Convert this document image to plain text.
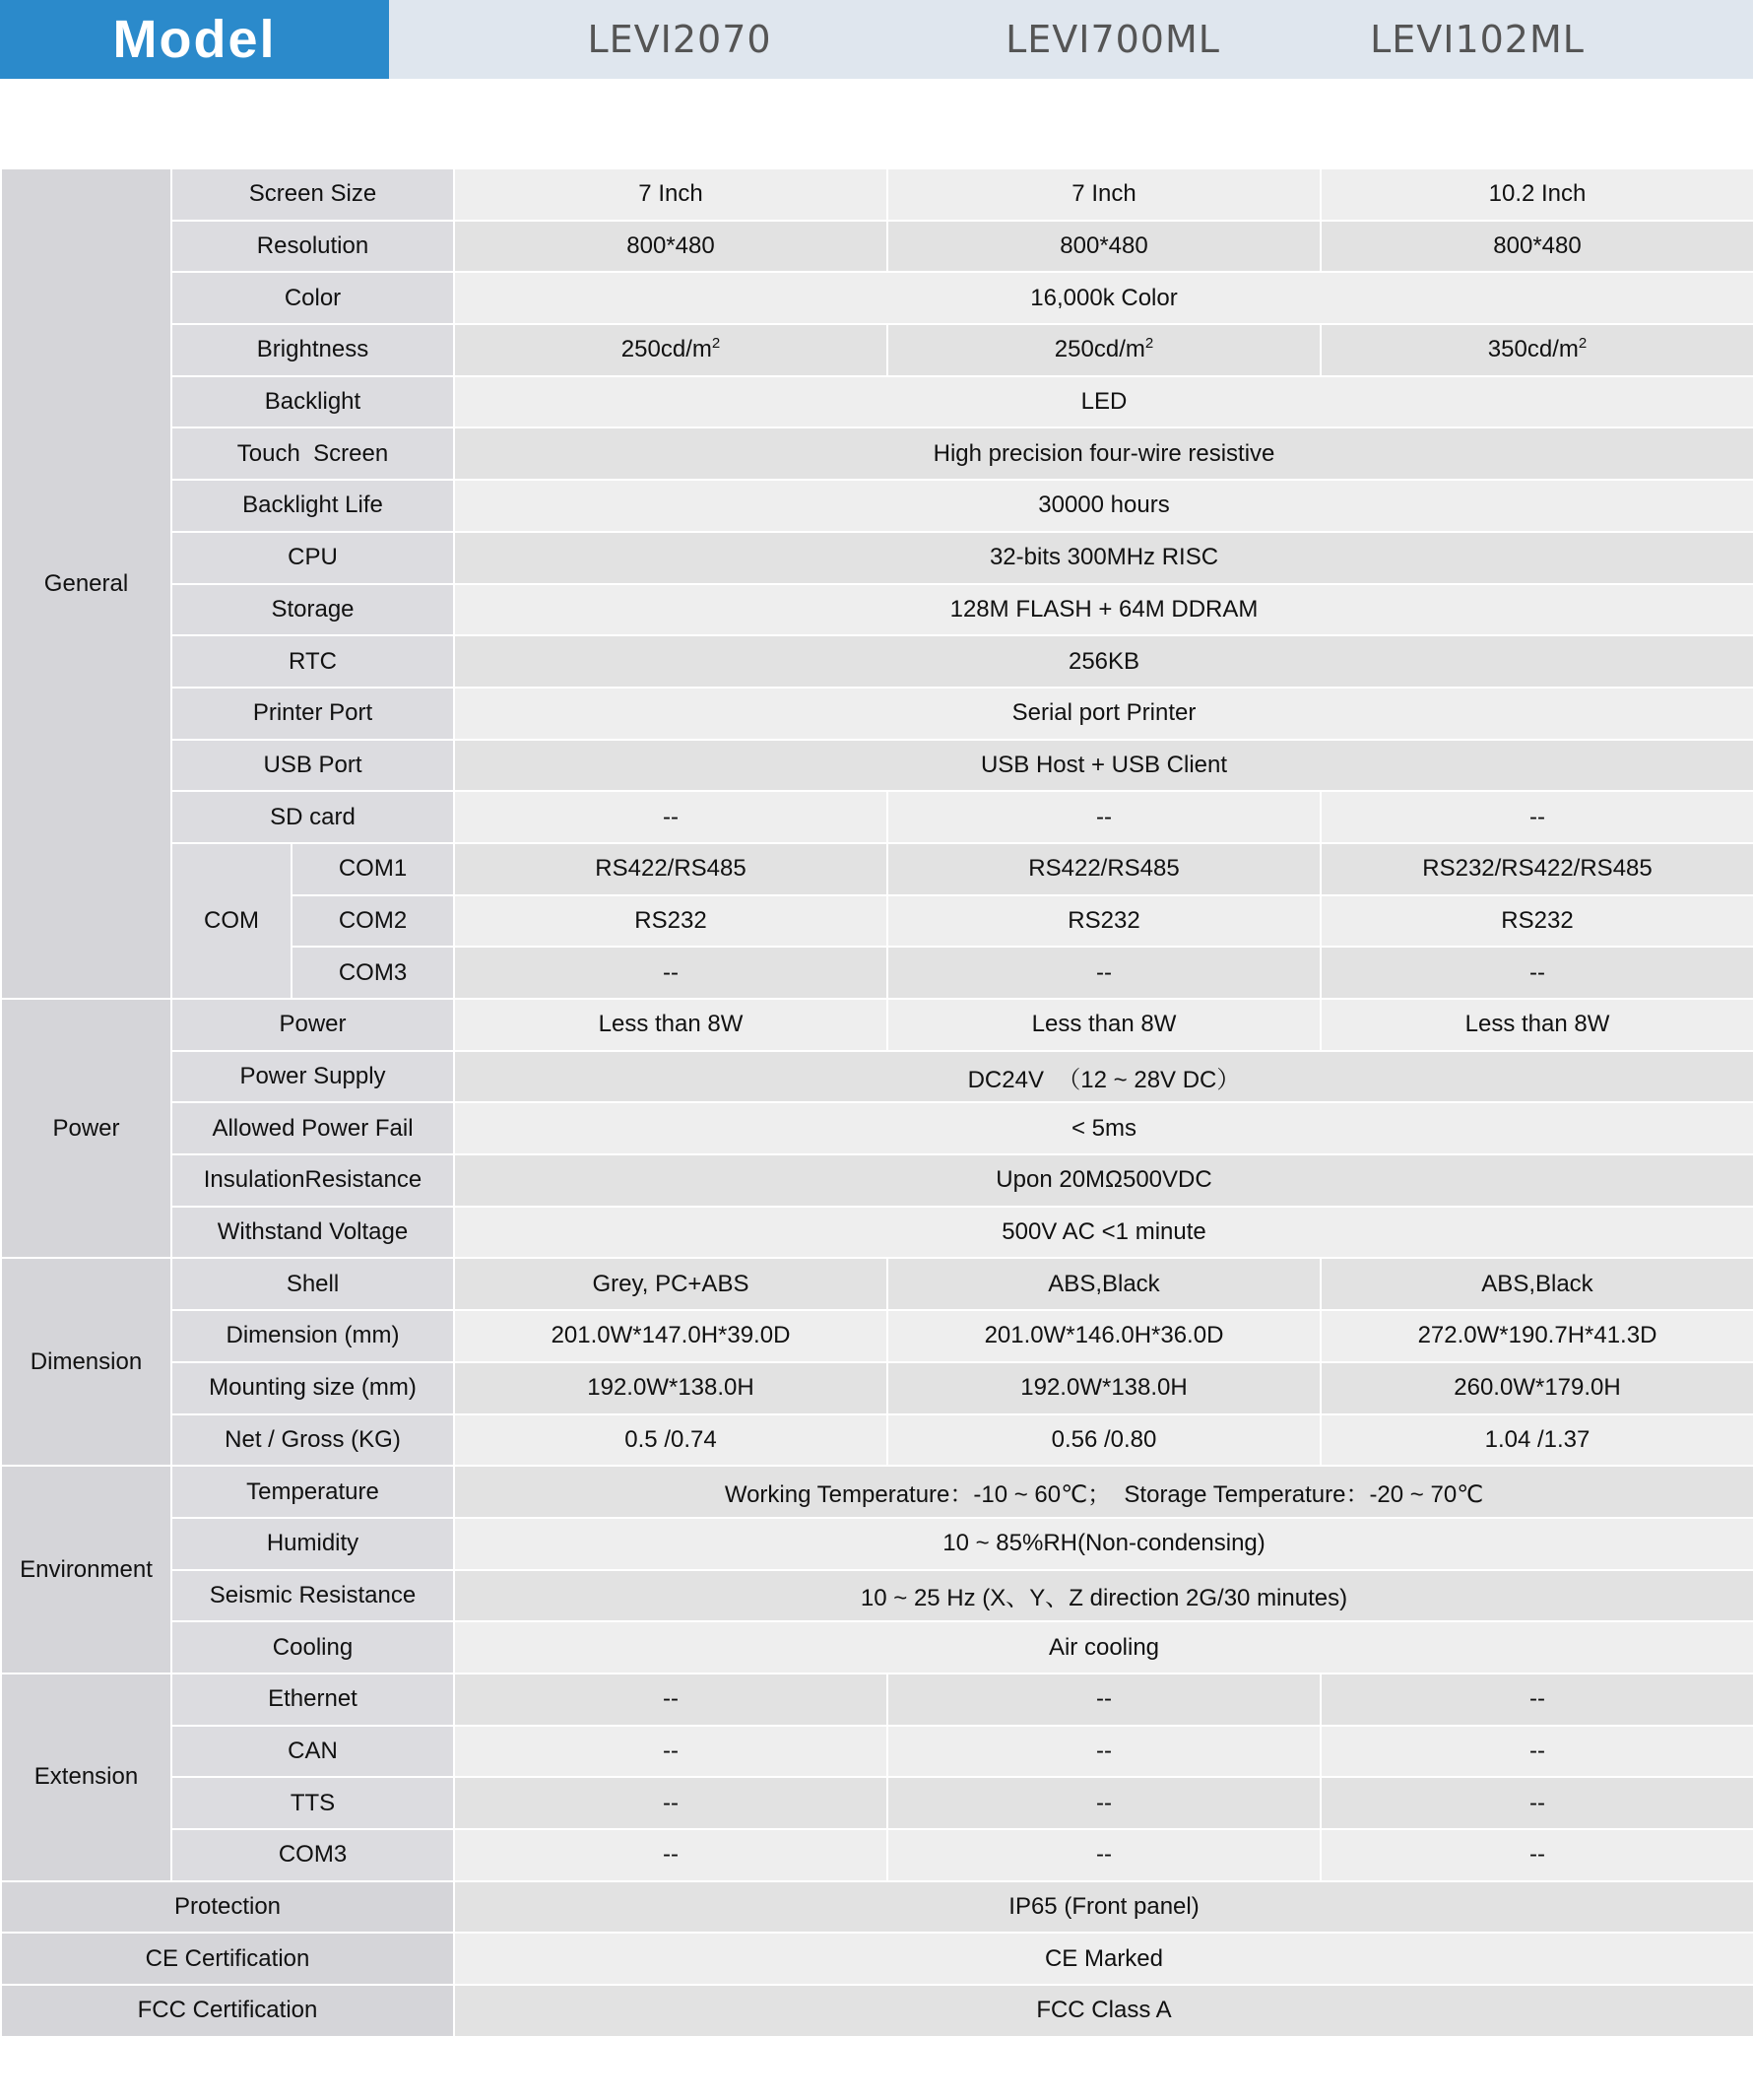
Model	LEVI2070	LEVI700ML	LEVI102ML
General	Screen Size		7 Inch	7 Inch	10.2 Inch
	Resolution		800*480	800*480	800*480
	Color		16,000k Color		
	Brightness		$250cd/m^2$	$250cd/m^2$	$350cd/m^2$
	Backlight		LED		
	Touch  Screen		High precision four-wire resistive		
	Backlight Life		30000 hours		
	CPU		32-bits 300MHz RISC		
	Storage		128M FLASH + 64M DDRAM		
	RTC		256KB		
	Printer Port		Serial port Printer		
	USB Port		USB Host + USB Client		
	SD card		--	--	--
	COM	COM1	RS422/RS485	RS422/RS485	RS232/RS422/RS485
		COM2	RS232	RS232	RS232
		COM3	--	--	--
Power	Power		Less than 8W	Less than 8W	Less than 8W
	Power Supply		DC24V  （12 ~ 28V DC）		
	Allowed Power Fail		< 5ms		
	InsulationResistance		Upon 20MΩ500VDC		
	Withstand Voltage		500V AC <1 minute		
Dimension	Shell		Grey, PC+ABS	ABS,Black	ABS,Black
	Dimension (mm)		201.0W*147.0H*39.0D	201.0W*146.0H*36.0D	272.0W*190.7H*41.3D
	Mounting size (mm)		192.0W*138.0H	192.0W*138.0H	260.0W*179.0H
	Net / Gross (KG)		0.5 /0.74	0.56 /0.80	1.04 /1.37
Environment	Temperature		Working Temperature：-10 ~ 60℃；  Storage Temperature：-20 ~ 70℃		
	Humidity		10 ~ 85%RH(Non-condensing)		
	Seismic Resistance		10 ~ 25 Hz (X、Y、Z direction 2G/30 minutes)		
	Cooling		Air cooling		
Extension	Ethernet		--	--	--
	CAN		--	--	--
	TTS		--	--	--
	COM3		--	--	--
Protection			IP65 (Front panel)		
CE Certification			CE Marked		
FCC Certification			FCC Class A		
